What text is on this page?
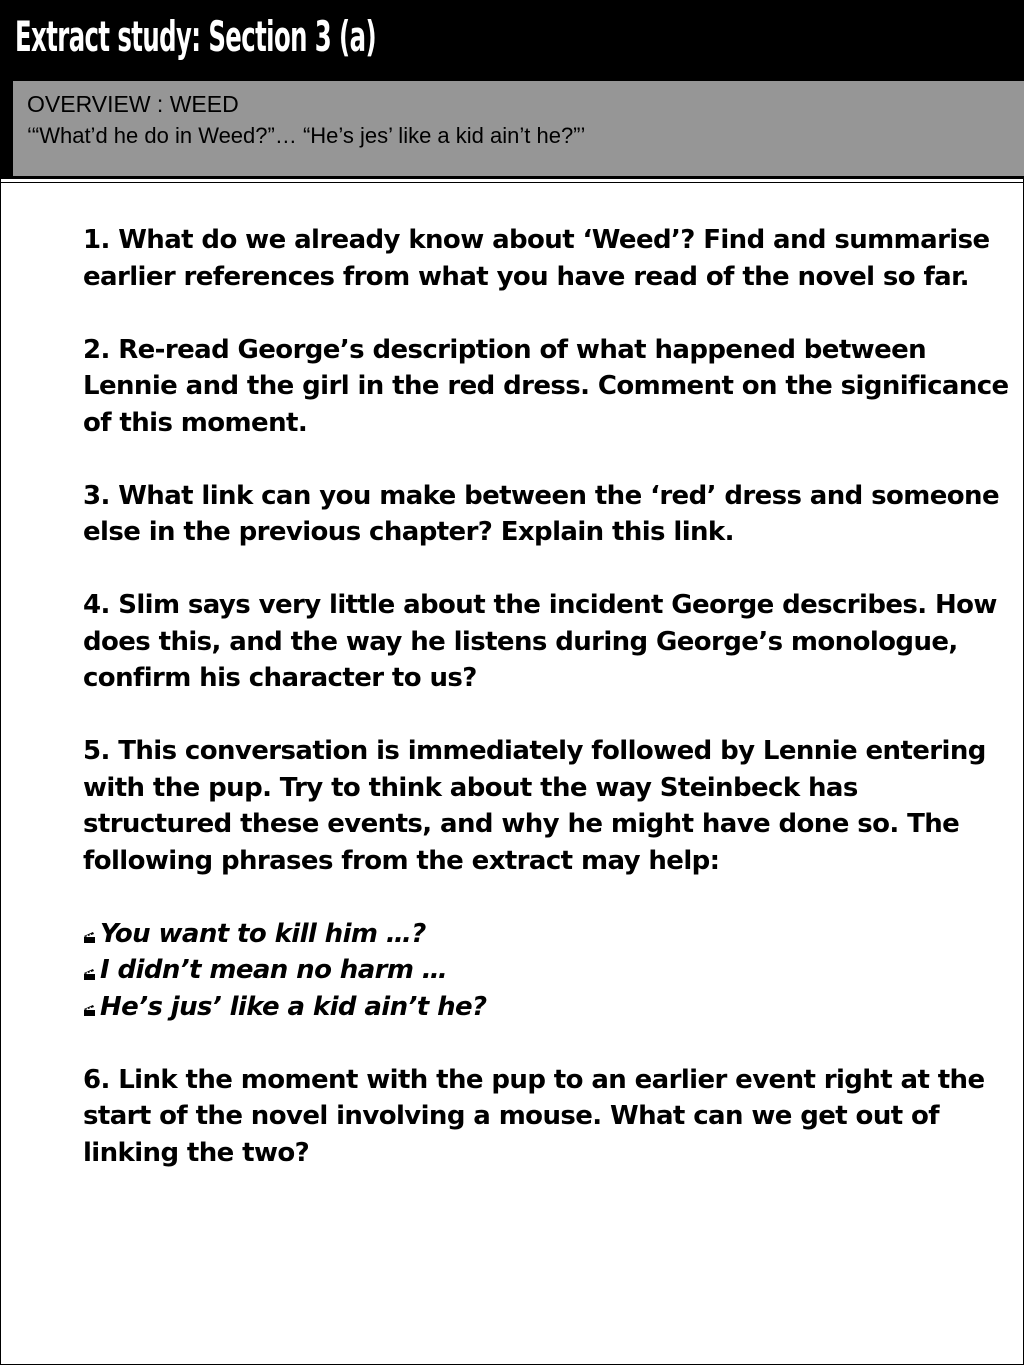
Extract study: Section 3 (a)
OVERVIEW : WEED
‘“What’d he do in Weed?”… “He’s jes’ like a kid ain’t he?”’

1. What do we already know about ‘Weed’? Find and summarise earlier references from what you have read of the novel so far.

2. Re-read George’s description of what happened between Lennie and the girl in the red dress. Comment on the significance of this moment.

3. What link can you make between the ‘red’ dress and someone else in the previous chapter? Explain this link.

4. Slim says very little about the incident George describes. How does this, and the way he listens during George’s monologue, confirm his character to us?

5. This conversation is immediately followed by Lennie entering with the pup. Try to think about the way Steinbeck has structured these events, and why he might have done so. The following phrases from the extract may help:

You want to kill him …?
I didn’t mean no harm …
He’s jus’ like a kid ain’t he?

6. Link the moment with the pup to an earlier event right at the start of the novel involving a mouse. What can we get out of linking the two?
